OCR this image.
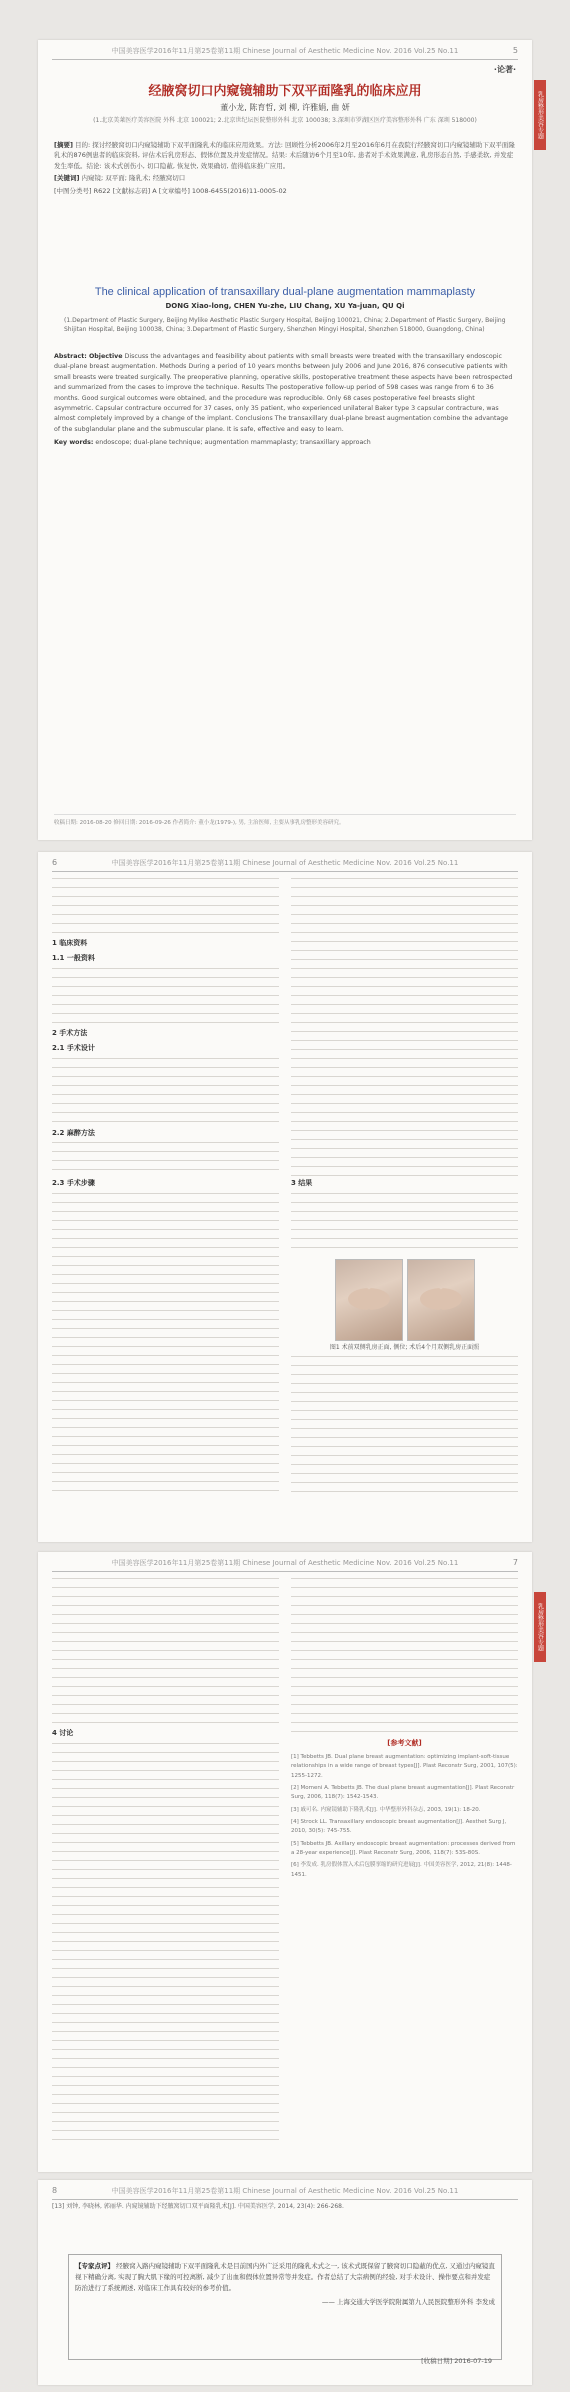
中国美容医学2016年11月第25卷第11期 Chinese Journal of Aesthetic Medicine Nov. 2016 Vol.25 No.11	5
乳房整形美容专题
·论著·
经腋窝切口内窥镜辅助下双平面隆乳的临床应用
董小龙, 陈育哲, 刘 柳, 许雅娟, 曲 妍
(1.北京美莱医疗美容医院 外科 北京 100021; 2.北京世纪坛医院整形外科 北京 100038; 3.深圳市罗湖区医疗美容整形外科 广东 深圳 518000)
[摘要] 目的: 探讨经腋窝切口内窥镜辅助下双平面隆乳术的临床应用效果。方法: 回顾性分析2006年2月至2016年6月在我院行经腋窝切口内窥镜辅助下双平面隆乳术的876例患者的临床资料, 评估术后乳房形态、假体位置及并发症情况。结果: 术后随访6个月至10年, 患者对手术效果满意, 乳房形态自然, 手感柔软, 并发症发生率低。结论: 该术式创伤小, 切口隐蔽, 恢复快, 效果确切, 值得临床推广应用。
[关键词] 内窥镜; 双平面; 隆乳术; 经腋窝切口
[中图分类号] R622 [文献标志码] A [文章编号] 1008-6455(2016)11-0005-02
The clinical application of transaxillary dual-plane augmentation mammaplasty
DONG Xiao-long, CHEN Yu-zhe, LIU Chang, XU Ya-juan, QU Qi
(1.Department of Plastic Surgery, Beijing Mylike Aesthetic Plastic Surgery Hospital, Beijing 100021, China; 2.Department of Plastic Surgery, Beijing Shijitan Hospital, Beijing 100038, China; 3.Department of Plastic Surgery, Shenzhen Mingyi Hospital, Shenzhen 518000, Guangdong, China)
Abstract: Objective Discuss the advantages and feasibility about patients with small breasts were treated with the transaxillary endoscopic dual-plane breast augmentation. Methods During a period of 10 years months between July 2006 and June 2016, 876 consecutive patients with small breasts were treated surgically. The preoperative planning, operative skills, postoperative treatment these aspects have been retrospected and summarized from the cases to improve the technique. Results The postoperative follow-up period of 598 cases was range from 6 to 36 months. Good surgical outcomes were obtained, and the procedure was reproducible. Only 68 cases postoperative feel breasts slight asymmetric. Capsular contracture occurred for 37 cases, only 35 patient, who experienced unilateral Baker type 3 capsular contracture, was almost completely improved by a change of the implant. Conclusions The transaxillary dual-plane breast augmentation combine the advantage of the subglandular plane and the submuscular plane. It is safe, effective and easy to learn.
Key words: endoscope; dual-plane technique; augmentation mammaplasty; transaxillary approach
收稿日期: 2016-08-20 修回日期: 2016-09-26 作者简介: 董小龙(1979-), 男, 主治医师, 主要从事乳房整形美容研究。
中国美容医学2016年11月第25卷第11期 Chinese Journal of Aesthetic Medicine Nov. 2016 Vol.25 No.11
6

1 临床资料

1.1 一般资料

2 手术方法

2.1 手术设计

2.2 麻醉方法

2.3 手术步骤	3 结果

图1 术前双侧乳房正面, 侧位; 术后4个月双侧乳房正面照

中国美容医学2016年11月第25卷第11期 Chinese Journal of Aesthetic Medicine Nov. 2016 Vol.25 No.11	7
乳房整形美容专题

4 讨论

[参考文献]

[1] Tebbetts JB. Dual plane breast augmentation: optimizing implant-soft-tissue relationships in a wide range of breast types[J]. Plast Reconstr Surg, 2001, 107(5): 1255-1272.

[2] Momeni A. Tebbetts JB. The dual plane breast augmentation[J]. Plast Reconstr Surg, 2006, 118(7): 1542-1543.

[3] 戚可名. 内窥镜辅助下隆乳术[J]. 中华整形外科杂志, 2003, 19(1): 18-20.

[4] Strock LL. Transaxillary endoscopic breast augmentation[J]. Aesthet Surg J, 2010, 30(5): 745-755.

[5] Tebbetts JB. Axillary endoscopic breast augmentation: processes derived from a 28-year experience[J]. Plast Reconstr Surg, 2006, 118(7): 53S-80S.

[6] 李发成. 乳房假体置入术后包膜挛缩的研究进展[J]. 中国美容医学, 2012, 21(8): 1448-1451.

中国美容医学2016年11月第25卷第11期 Chinese Journal of Aesthetic Medicine Nov. 2016 Vol.25 No.11
8
[13] 刘钟, 李晓林, 郭丽华. 内窥镜辅助下经腋窝切口双平面隆乳术[J]. 中国美容医学, 2014, 23(4): 266-268.
【专家点评】 经腋窝入路内窥镜辅助下双平面隆乳术是目前国内外广泛采用的隆乳术式之一, 该术式既保留了腋窝切口隐蔽的优点, 又通过内窥镜直视下精确分离, 实现了胸大肌下缘的可控离断, 减少了出血和假体位置异常等并发症。作者总结了大宗病例的经验, 对手术设计、操作要点和并发症防治进行了系统阐述, 对临床工作具有较好的参考价值。
—— 上海交通大学医学院附属第九人民医院整形外科 李发成
[收稿日期] 2016-07-19
